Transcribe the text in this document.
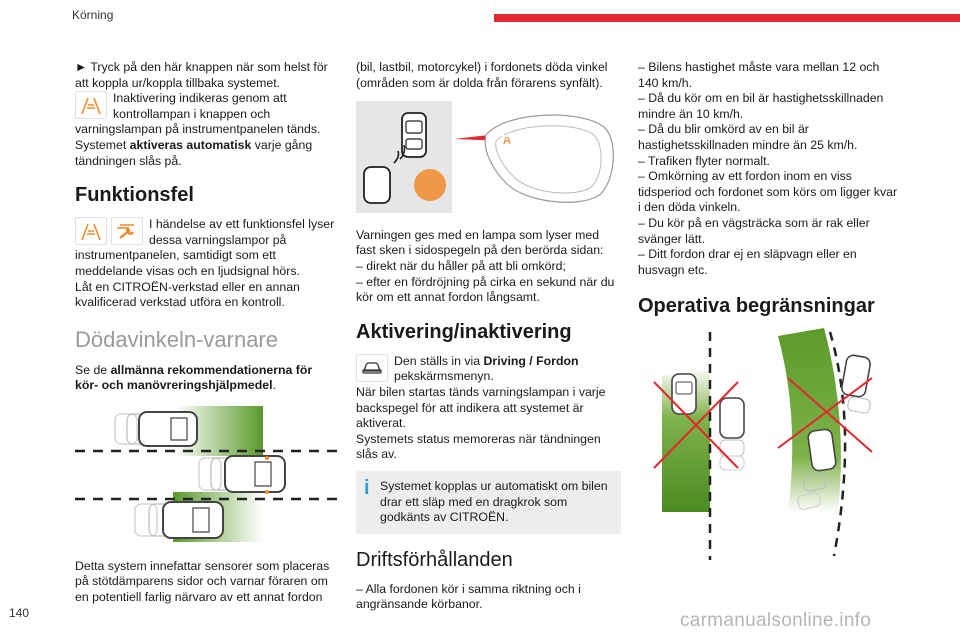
Körning
► Tryck på den här knappen när som helst för att koppla ur/koppla tillbaka systemet.
Inaktivering indikeras genom att kontrollampan i knappen och varningslampan på instrumentpanelen tänds.
Systemet aktiveras automatisk varje gång tändningen slås på.
Funktionsfel
I händelse av ett funktionsfel lyser dessa varningslampor på instrumentpanelen, samtidigt som ett meddelande visas och en ljudsignal hörs.
Låt en CITROËN-verkstad eller en annan kvalificerad verkstad utföra en kontroll.
Dödavinkeln-varnare
Se de allmänna rekommendationerna för kör- och manövreringshjälpmedel.
Detta system innefattar sensorer som placeras på stötdämparens sidor och varnar föraren om en potentiell farlig närvaro av ett annat fordon
(bil, lastbil, motorcykel) i fordonets döda vinkel (områden som är dolda från förarens synfält).
Varningen ges med en lampa som lyser med fast sken i sidospegeln på den berörda sidan:
– direkt när du håller på att bli omkörd;
– efter en fördröjning på cirka en sekund när du kör om ett annat fordon långsamt.
Aktivering/inaktivering
Den ställs in via Driving / Fordon pekskärmsmenyn.
När bilen startas tänds varningslampan i varje backspegel för att indikera att systemet är aktiverat.
Systemets status memoreras när tändningen slås av.
i Systemet kopplas ur automatiskt om bilen drar ett släp med en dragkrok som godkänts av CITROËN.
Driftsförhållanden
– Alla fordonen kör i samma riktning och i angränsande körbanor.
– Bilens hastighet måste vara mellan 12 och 140 km/h.
– Då du kör om en bil är hastighetsskillnaden mindre än 10 km/h.
– Då du blir omkörd av en bil är hastighetsskillnaden mindre än 25 km/h.
– Trafiken flyter normalt.
– Omkörning av ett fordon inom en viss tidsperiod och fordonet som körs om ligger kvar i den döda vinkeln.
– Du kör på en vägsträcka som är rak eller svänger lätt.
– Ditt fordon drar ej en släpvagn eller en husvagn etc.
Operativa begränsningar
140	carmanualsonline.info
